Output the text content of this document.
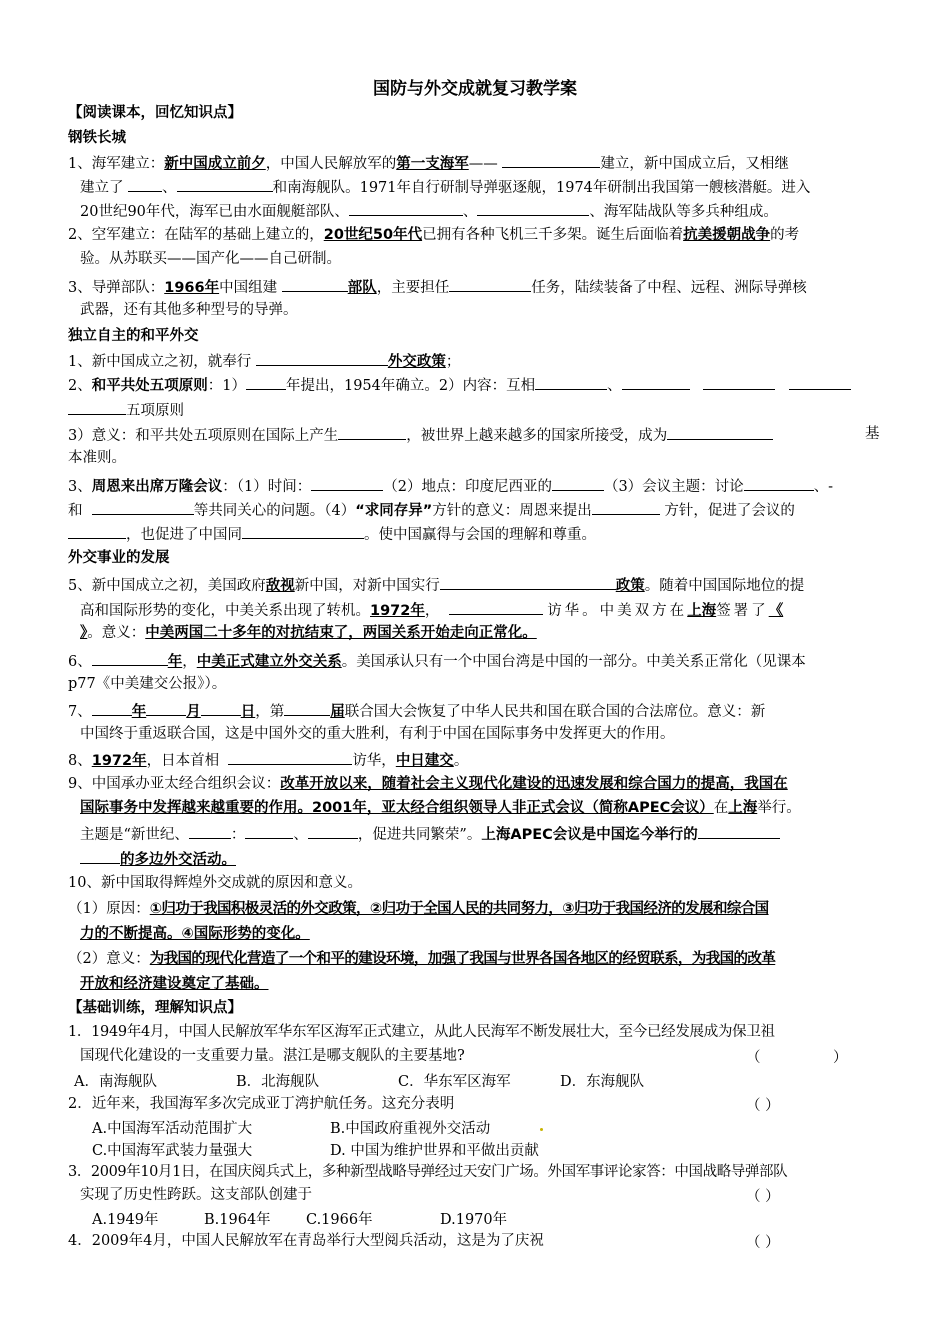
国防与外交成就复习教学案
【阅读课本，回忆知识点】
钢铁长城
1、海军建立：新中国成立前夕，中国人民解放军的第一支海军——	建立，新中国成立后，又相继
建立了	、	和南海舰队。1971年自行研制导弹驱逐舰，1974年研制出我国第一艘核潜艇。进入
20世纪90年代，海军已由水面舰艇部队、	、	、海军陆战队等多兵种组成。
2、空军建立：在陆军的基础上建立的，20世纪50年代已拥有各种飞机三千多架。诞生后面临着抗美援朝战争的考
验。从苏联买——国产化——自己研制。
3、导弹部队：1966年中国组建	部队，主要担任	任务，陆续装备了中程、远程、洲际导弹核
武器，还有其他多种型号的导弹。
独立自主的和平外交
1、新中国成立之初，就奉行	外交政策；
2、和平共处五项原则：1）	年提出，1954年确立。2）内容：互相	、
五项原则
3）意义：和平共处五项原则在国际上产生	，被世界上越来越多的国家所接受，成为	基
本准则。
3、周恩来出席万隆会议：（1）时间：	（2）地点：印度尼西亚的	（3）会议主题：讨论	、-
和	等共同关心的问题。（4）“求同存异”方针的意义：周恩来提出	方针，促进了会议的
，也促进了中国同	。使中国赢得与会国的理解和尊重。
外交事业的发展
5、新中国成立之初，美国政府敌视新中国，对新中国实行	政策。随着中国国际地位的提
高和国际形势的变化，中美关系出现了转机。1972年，	访华。中美双方在上海签署了《
》。意义：中美两国二十多年的对抗结束了，两国关系开始走向正常化。
6、	年，中美正式建立外交关系。美国承认只有一个中国台湾是中国的一部分。中美关系正常化（见课本
p77《中美建交公报》）。
7、	年	月	日，第	届联合国大会恢复了中华人民共和国在联合国的合法席位。意义：新
中国终于重返联合国，这是中国外交的重大胜利，有利于中国在国际事务中发挥更大的作用。
8、1972年，日本首相	访华，中日建交。
9、中国承办亚太经合组织会议：改革开放以来，随着社会主义现代化建设的迅速发展和综合国力的提高，我国在
国际事务中发挥越来越重要的作用。2001年，亚太经合组织领导人非正式会议（简称APEC会议）在上海举行。
主题是“新世纪、	：	、	，促进共同繁荣”。上海APEC会议是中国迄今举行的
的多边外交活动。
10、新中国取得辉煌外交成就的原因和意义。
（1）原因：①归功于我国积极灵活的外交政策，②归功于全国人民的共同努力，③归功于我国经济的发展和综合国
力的不断提高。④国际形势的变化。
（2）意义：为我国的现代化营造了一个和平的建设环境，加强了我国与世界各国各地区的经贸联系，为我国的改革
开放和经济建设奠定了基础。
【基础训练，理解知识点】
1．1949年4月，中国人民解放军华东军区海军正式建立，从此人民海军不断发展壮大，至今已经发展成为保卫祖
国现代化建设的一支重要力量。湛江是哪支舰队的主要基地?	（　　　　　）
A．南海舰队	B．北海舰队	C．华东军区海军	D．东海舰队
2．近年来，我国海军多次完成亚丁湾护航任务。这充分表明	（ ）
A.中国海军活动范围扩大	B.中国政府重视外交活动
C.中国海军武装力量强大	D. 中国为维护世界和平做出贡献
3．2009年10月1日，在国庆阅兵式上，多种新型战略导弹经过天安门广场。外国军事评论家答：中国战略导弹部队
实现了历史性跨跃。这支部队创建于	（ ）
A.1949年	B.1964年 C.1966年	D.1970年
4．2009年4月，中国人民解放军在青岛举行大型阅兵活动，这是为了庆祝	（ ）
